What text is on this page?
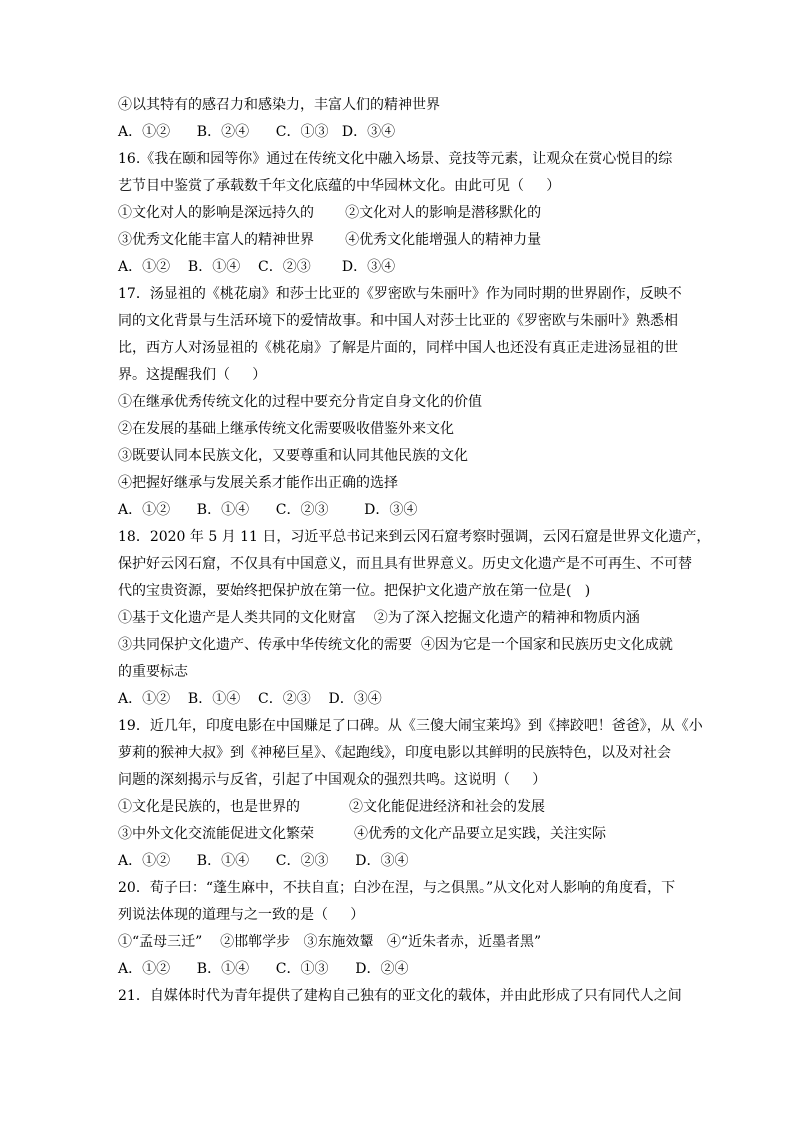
④以其特有的感召力和感染力，丰富人们的精神世界
A．①②      B．②④      C．①③   D．③④
16.《我在颐和园等你》通过在传统文化中融入场景、竞技等元素，让观众在赏心悦目的综
艺节目中鉴赏了承载数千年文化底蕴的中华园林文化。由此可见（     ）
①文化对人的影响是深远持久的       ②文化对人的影响是潜移默化的
③优秀文化能丰富人的精神世界       ④优秀文化能增强人的精神力量
A．①②    B．①④    C．②③       D．③④
17．汤显祖的《桃花扇》和莎士比亚的《罗密欧与朱丽叶》作为同时期的世界剧作，反映不
同的文化背景与生活环境下的爱情故事。和中国人对莎士比亚的《罗密欧与朱丽叶》熟悉相
比，西方人对汤显祖的《桃花扇》了解是片面的，同样中国人也还没有真正走进汤显祖的世
界。这提醒我们（     ）
①在继承优秀传统文化的过程中要充分肯定自身文化的价值
②在发展的基础上继承传统文化需要吸收借鉴外来文化
③既要认同本民族文化，又要尊重和认同其他民族的文化
④把握好继承与发展关系才能作出正确的选择
A．①②      B．①④      C．②③        D．③④
18．2020 年 5 月 11 日，习近平总书记来到云冈石窟考察时强调，云冈石窟是世界文化遗产，
保护好云冈石窟，不仅具有中国意义，而且具有世界意义。历史文化遗产是不可再生、不可替
代的宝贵资源，要始终把保护放在第一位。把保护文化遗产放在第一位是(   )
①基于文化遗产是人类共同的文化财富    ②为了深入挖掘文化遗产的精神和物质内涵
③共同保护文化遗产、传承中华传统文化的需要  ④因为它是一个国家和民族历史文化成就
的重要标志
A．①②    B．①④    C．②③    D．③④
19．近几年，印度电影在中国赚足了口碑。从《三傻大闹宝莱坞》到《摔跤吧！爸爸》，从《小
萝莉的猴神大叔》到《神秘巨星》、《起跑线》，印度电影以其鲜明的民族特色，以及对社会
问题的深刻揭示与反省，引起了中国观众的强烈共鸣。这说明（     ）
①文化是民族的，也是世界的           ②文化能促进经济和社会的发展
③中外文化交流能促进文化繁荣         ④优秀的文化产品要立足实践，关注实际
A．①②      B．①④      C．②③      D．③④
20．荀子曰：“蓬生麻中，不扶自直；白沙在涅，与之俱黑。”从文化对人影响的角度看，下
列说法体现的道理与之一致的是（     ）
①“孟母三迁”    ②邯郸学步   ③东施效颦   ④“近朱者赤，近墨者黑”
A．①②      B．①④      C．①③      D．②④
21．自媒体时代为青年提供了建构自己独有的亚文化的载体，并由此形成了只有同代人之间
